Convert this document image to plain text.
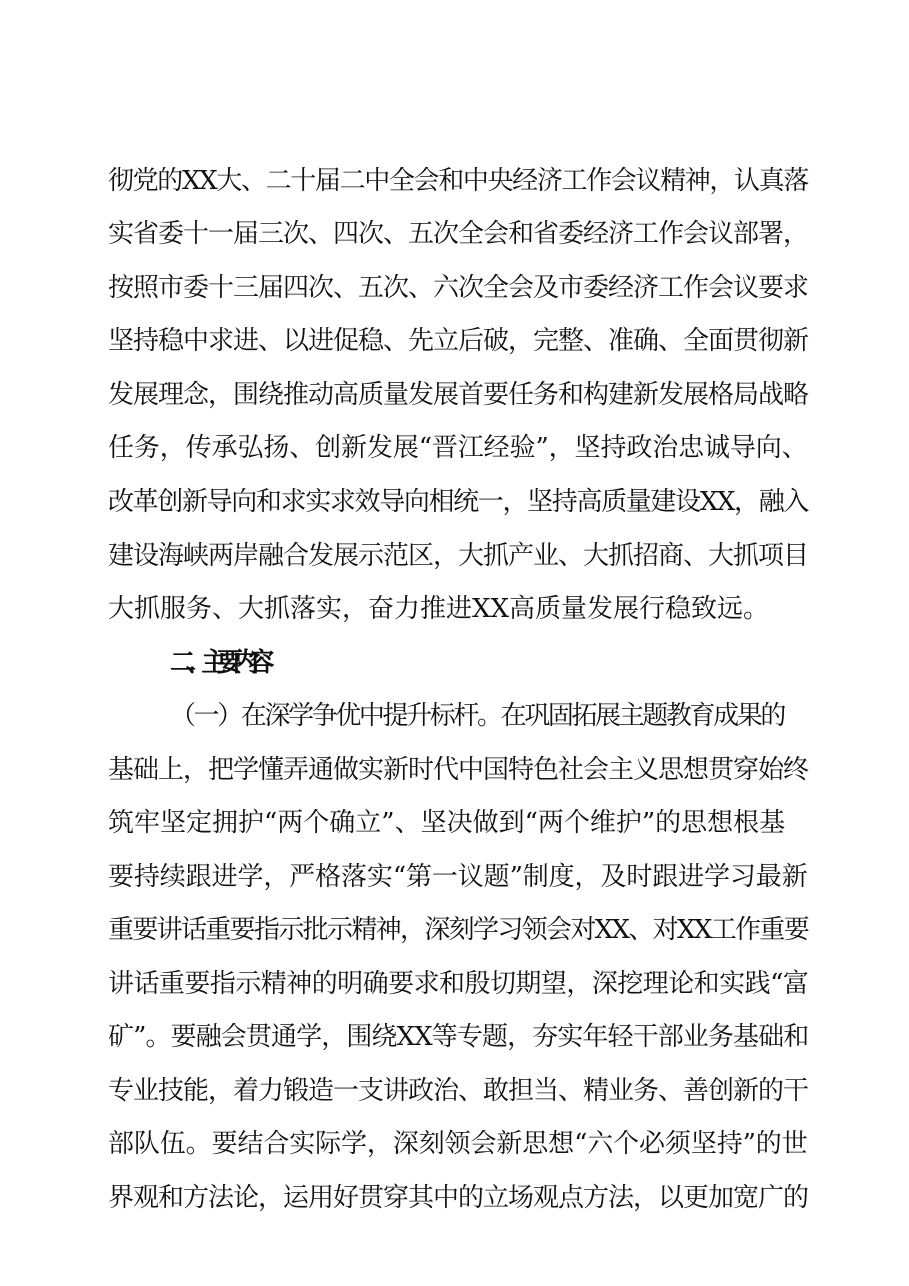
彻党的XX大、二十届二中全会和中央经济工作会议精神，认真落
实省委十一届三次、四次、五次全会和省委经济工作会议部署，
按照市委十三届四次、五次、六次全会及市委经济工作会议要求
坚持稳中求进、以进促稳、先立后破，完整、准确、全面贯彻新
发展理念，围绕推动高质量发展首要任务和构建新发展格局战略
任务，传承弘扬、创新发展“晋江经验”，坚持政治忠诚导向、
改革创新导向和求实求效导向相统一，坚持高质量建设XX，融入
建设海峡两岸融合发展示范区，大抓产业、大抓招商、大抓项目
大抓服务、大抓落实，奋力推进XX高质量发展行稳致远。
二、主要内容
（一）在深学争优中提升标杆。在巩固拓展主题教育成果的
基础上，把学懂弄通做实新时代中国特色社会主义思想贯穿始终
筑牢坚定拥护“两个确立”、坚决做到“两个维护”的思想根基
要持续跟进学，严格落实“第一议题”制度，及时跟进学习最新
重要讲话重要指示批示精神，深刻学习领会对XX、对XX工作重要
讲话重要指示精神的明确要求和殷切期望，深挖理论和实践“富
矿”。要融会贯通学，围绕XX等专题，夯实年轻干部业务基础和
专业技能，着力锻造一支讲政治、敢担当、精业务、善创新的干
部队伍。要结合实际学，深刻领会新思想“六个必须坚持”的世
界观和方法论，运用好贯穿其中的立场观点方法，以更加宽广的
